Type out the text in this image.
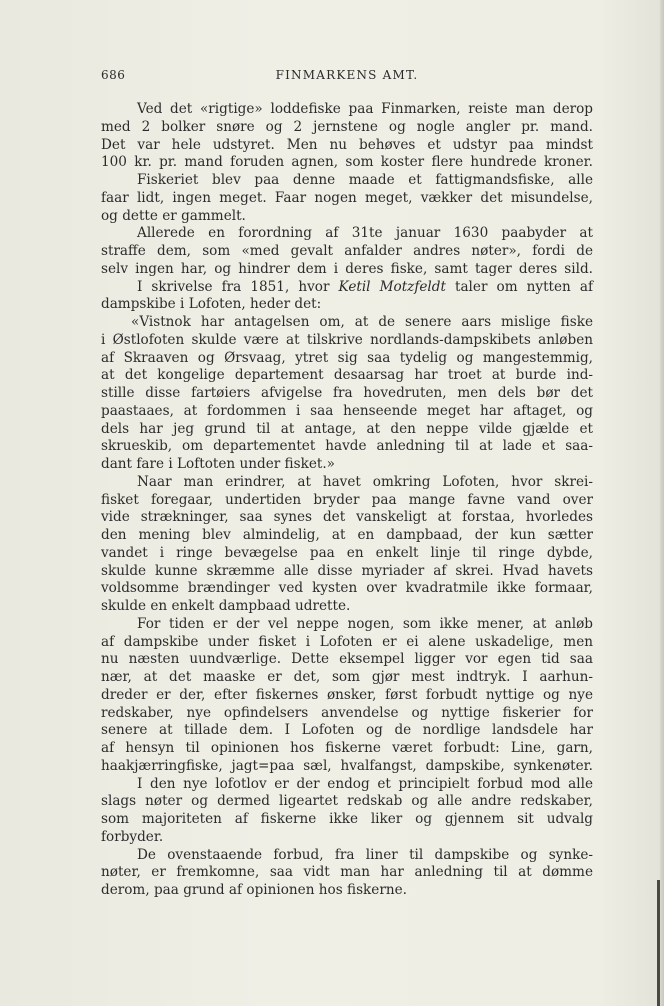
686	FINMARKENS AMT.
Ved det «rigtige» loddefiske paa Finmarken, reiste man derop
med 2 bolker snøre og 2 jernstene og nogle angler pr. mand.
Det var hele udstyret. Men nu behøves et udstyr paa mindst
100 kr. pr. mand foruden agnen, som koster flere hundrede kroner.
Fiskeriet blev paa denne maade et fattigmandsfiske, alle
faar lidt, ingen meget. Faar nogen meget, vækker det misundelse,
og dette er gammelt.
Allerede en forordning af 31te januar 1630 paabyder at
straffe dem, som «med gevalt anfalder andres nøter», fordi de
selv ingen har, og hindrer dem i deres fiske, samt tager deres sild.
I skrivelse fra 1851, hvor Ketil Motzfeldt taler om nytten af
dampskibe i Lofoten, heder det:
«Vistnok har antagelsen om, at de senere aars mislige fiske
i Østlofoten skulde være at tilskrive nordlands-dampskibets anløben
af Skraaven og Ørsvaag, ytret sig saa tydelig og mangestemmig,
at det kongelige departement desaarsag har troet at burde ind-
stille disse fartøiers afvigelse fra hovedruten, men dels bør det
paastaaes, at fordommen i saa henseende meget har aftaget, og
dels har jeg grund til at antage, at den neppe vilde gjælde et
skrueskib, om departementet havde anledning til at lade et saa-
dant fare i Loftoten under fisket.»
Naar man erindrer, at havet omkring Lofoten, hvor skrei-
fisket foregaar, undertiden bryder paa mange favne vand over
vide strækninger, saa synes det vanskeligt at forstaa, hvorledes
den mening blev almindelig, at en dampbaad, der kun sætter
vandet i ringe bevægelse paa en enkelt linje til ringe dybde,
skulde kunne skræmme alle disse myriader af skrei. Hvad havets
voldsomme brændinger ved kysten over kvadratmile ikke formaar,
skulde en enkelt dampbaad udrette.
For tiden er der vel neppe nogen, som ikke mener, at anløb
af dampskibe under fisket i Lofoten er ei alene uskadelige, men
nu næsten uundværlige. Dette eksempel ligger vor egen tid saa
nær, at det maaske er det, som gjør mest indtryk. I aarhun-
dreder er der, efter fiskernes ønsker, først forbudt nyttige og nye
redskaber, nye opfindelsers anvendelse og nyttige fiskerier for
senere at tillade dem. I Lofoten og de nordlige landsdele har
af hensyn til opinionen hos fiskerne været forbudt: Line, garn,
haakjærringfiske, jagt=paa sæl, hvalfangst, dampskibe, synkenøter.
I den nye lofotlov er der endog et principielt forbud mod alle
slags nøter og dermed ligeartet redskab og alle andre redskaber,
som majoriteten af fiskerne ikke liker og gjennem sit udvalg
forbyder.
De ovenstaaende forbud, fra liner til dampskibe og synke-
nøter, er fremkomne, saa vidt man har anledning til at dømme
derom, paa grund af opinionen hos fiskerne.
